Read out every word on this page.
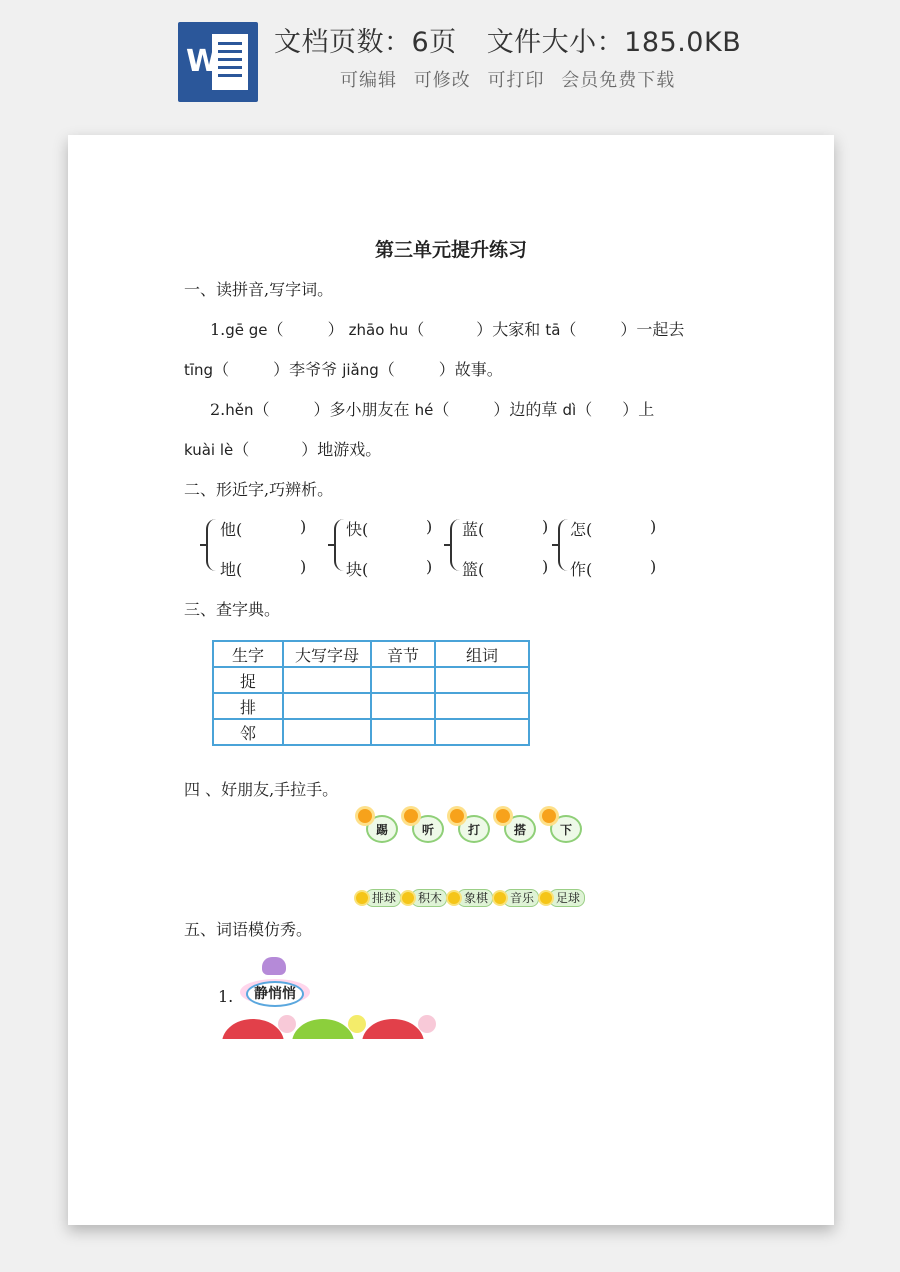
W
文档页数：6页 文件大小：185.0KB
可编辑 可修改 可打印 会员免费下载
第三单元提升练习
一、读拼音,写字词。
1.gē ge（	） zhāo hu（	）大家和 tā（	）一起去
tīng（	）李爷爷 jiǎng（	）故事。
2.hěn（	）多小朋友在 hé（	）边的草 dì（ ）上
kuài lè（	）地游戏。
二、形近字,巧辨析。
他(
地(
)
)
快(
块(
)
)
蓝(
篮(
)
)
怎(
作(
)
)
三、查字典。
生字	大写字母	音节	组词
捉			
排			
邻			
四 、好朋友,手拉手。
踢	听	打	搭	下
排球	积木	象棋	音乐	足球
五、词语模仿秀。
1.	静悄悄
